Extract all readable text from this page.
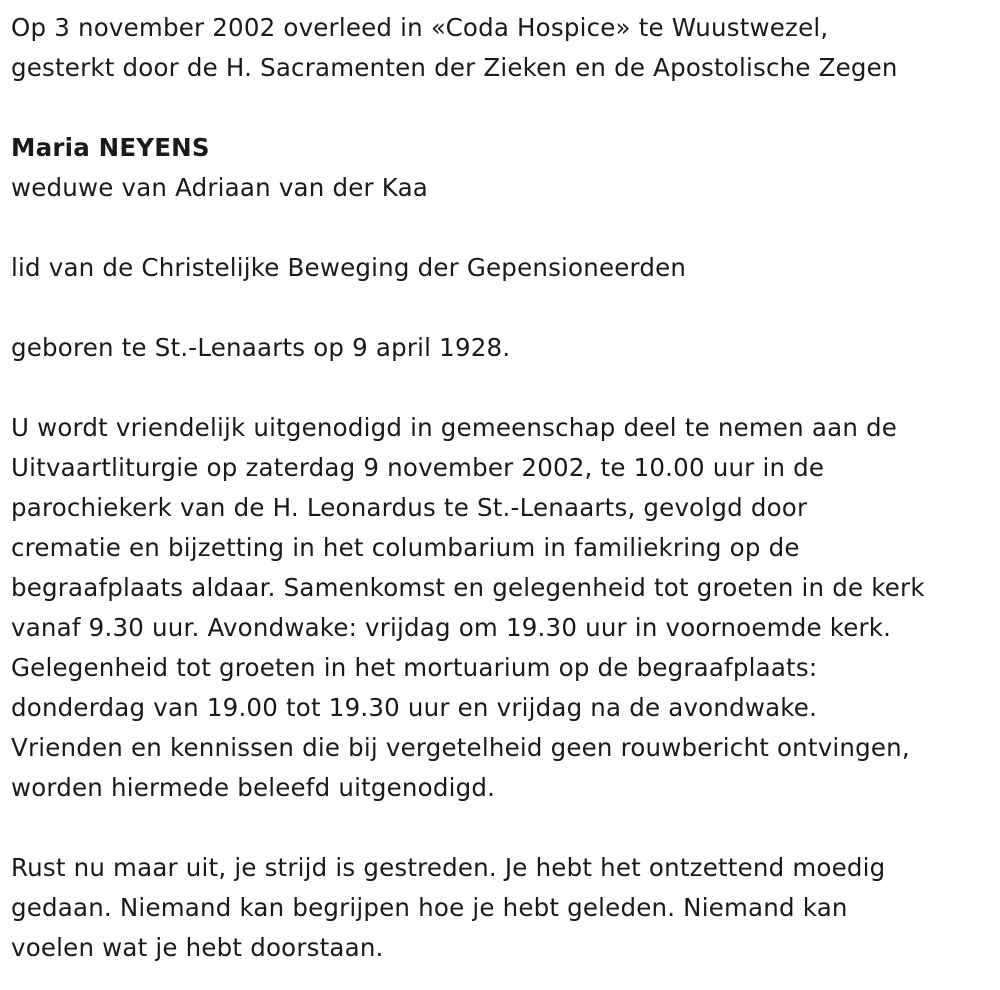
Op 3 november 2002 overleed in «Coda Hospice» te Wuustwezel,
gesterkt door de H. Sacramenten der Zieken en de Apostolische Zegen
Maria NEYENS
weduwe van Adriaan van der Kaa
lid van de Christelijke Beweging der Gepensioneerden
geboren te St.-Lenaarts op 9 april 1928.
U wordt vriendelijk uitgenodigd in gemeenschap deel te nemen aan de
Uitvaartliturgie op zaterdag 9 november 2002, te 10.00 uur in de
parochiekerk van de H. Leonardus te St.-Lenaarts, gevolgd door
crematie en bijzetting in het columbarium in familiekring op de
begraafplaats aldaar. Samenkomst en gelegenheid tot groeten in de kerk
vanaf 9.30 uur. Avondwake: vrijdag om 19.30 uur in voornoemde kerk.
Gelegenheid tot groeten in het mortuarium op de begraafplaats:
donderdag van 19.00 tot 19.30 uur en vrijdag na de avondwake.
Vrienden en kennissen die bij vergetelheid geen rouwbericht ontvingen,
worden hiermede beleefd uitgenodigd.
Rust nu maar uit, je strijd is gestreden. Je hebt het ontzettend moedig
gedaan. Niemand kan begrijpen hoe je hebt geleden. Niemand kan
voelen wat je hebt doorstaan.
